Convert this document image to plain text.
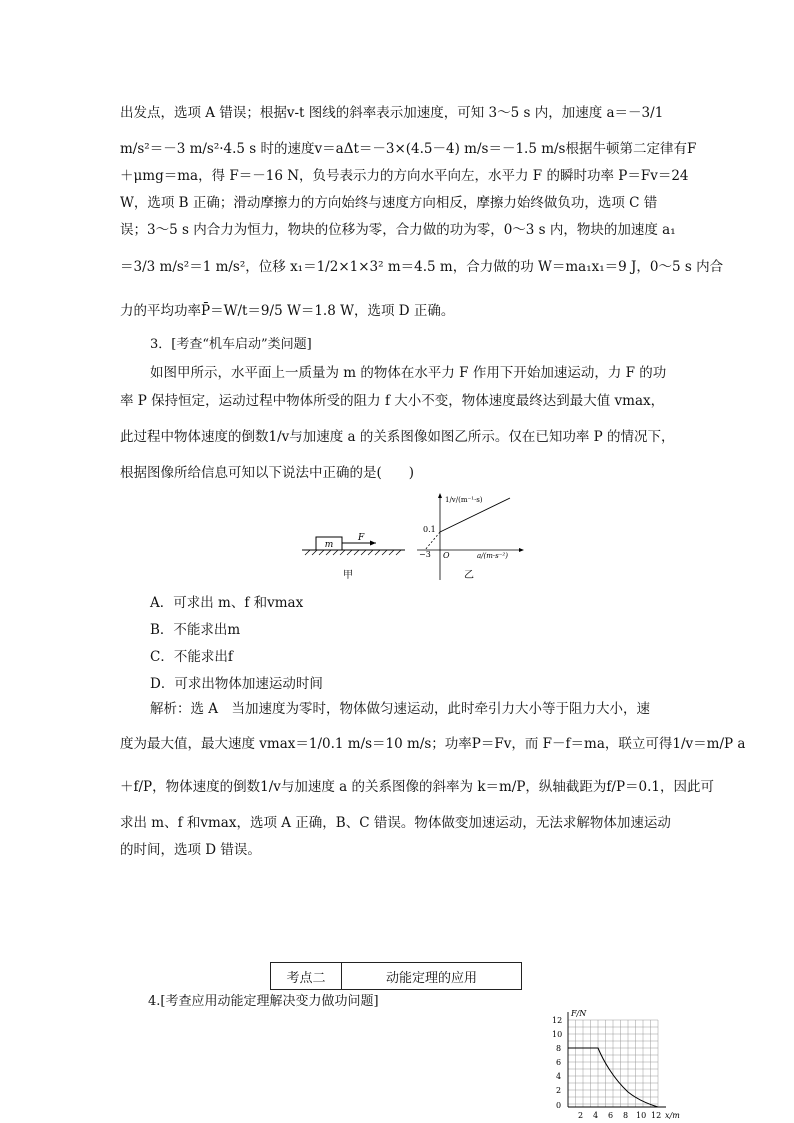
出发点，选项 A 错误；根据v-t 图线的斜率表示加速度，可知 3～5 s 内，加速度 a＝－3/1
m/s²＝－3 m/s²·4.5 s 时的速度v＝aΔt＝－3×(4.5－4) m/s＝－1.5 m/s根据牛顿第二定律有F
＋μmg＝ma，得 F＝－16 N，负号表示力的方向水平向左，水平力 F 的瞬时功率 P＝Fv＝24
W，选项 B 正确；滑动摩擦力的方向始终与速度方向相反，摩擦力始终做负功，选项 C 错
误；3～5 s 内合力为恒力，物块的位移为零，合力做的功为零，0～3 s 内，物块的加速度 a₁
＝3/3 m/s²＝1 m/s²，位移 x₁＝1/2×1×3² m＝4.5 m，合力做的功 W＝ma₁x₁＝9 J，0～5 s 内合
力的平均功率P̄＝W/t＝9/5 W＝1.8 W，选项 D 正确。
3．[考查“机车启动”类问题]
如图甲所示，水平面上一质量为 m 的物体在水平力 F 作用下开始加速运动，力 F 的功
率 P 保持恒定，运动过程中物体所受的阻力 f 大小不变，物体速度最终达到最大值 vmax，
此过程中物体速度的倒数1/v与加速度 a 的关系图像如图乙所示。仅在已知功率 P 的情况下，
根据图像所给信息可知以下说法中正确的是(　　)
m
F
甲
1/v/(m⁻¹·s)
0.1
−3 O	a/(m·s⁻²)
乙
A．可求出 m、f 和vmax
B．不能求出m
C．不能求出f
D．可求出物体加速运动时间
解析：选 A　当加速度为零时，物体做匀速运动，此时牵引力大小等于阻力大小，速
度为最大值，最大速度 vmax＝1/0.1 m/s＝10 m/s；功率P＝Fv，而 F－f＝ma，联立可得1/v＝m/P a
＋f/P，物体速度的倒数1/v与加速度 a 的关系图像的斜率为 k＝m/P，纵轴截距为f/P＝0.1，因此可
求出 m、f 和vmax，选项 A 正确，B、C 错误。物体做变加速运动，无法求解物体加速运动
的时间，选项 D 错误。
考点二	动能定理的应用
4.[考查应用动能定理解决变力做功问题]
F/N
12
10
8
6
4
2
0
2 4 6 8 10 12 x/m
